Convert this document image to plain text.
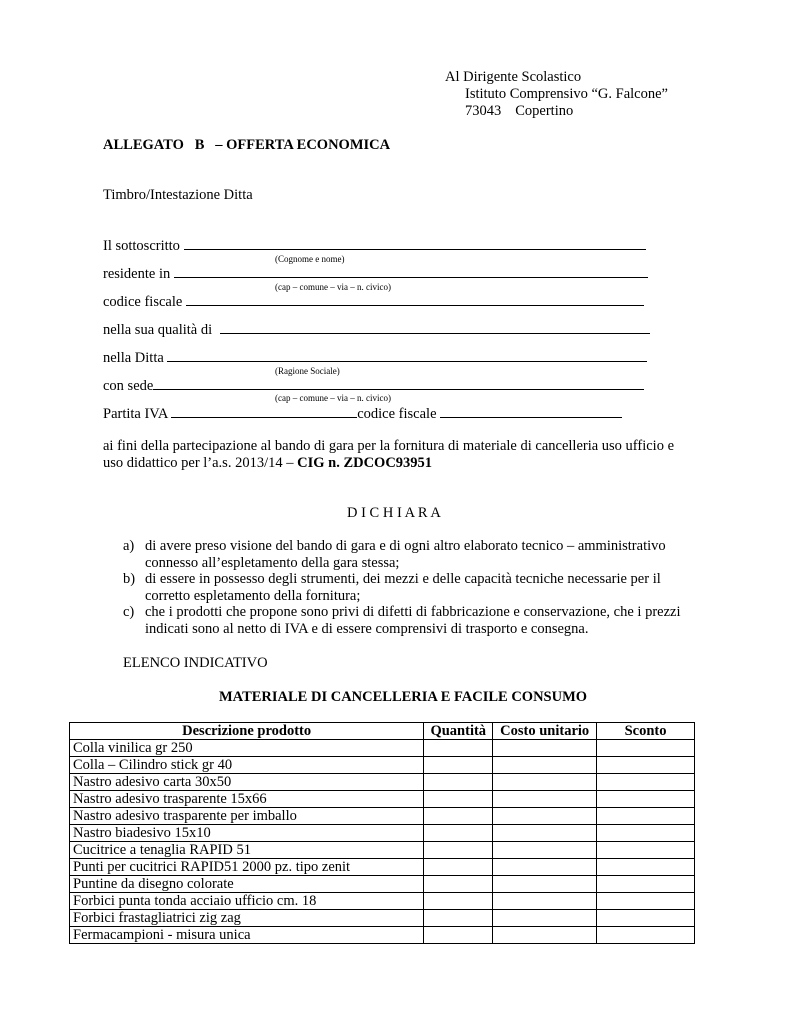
Al Dirigente Scolastico
Istituto Comprensivo “G. Falcone”
73043 Copertino
ALLEGATO   B   – OFFERTA ECONOMICA
Timbro/Intestazione Ditta
Il sottoscritto
(Cognome e nome)
residente in
(cap – comune – via – n. civico)
codice fiscale
nella sua qualità di
nella Ditta
(Ragione Sociale)
con sede
(cap – comune – via – n. civico)
Partita IVA	codice fiscale
ai fini della partecipazione al bando di gara per la fornitura di materiale di cancelleria uso ufficio e
uso didattico per l’a.s. 2013/14 – CIG n. ZDCOC93951
D I C H I A R A
a) di avere preso visione del bando di gara e di ogni altro elaborato tecnico – amministrativo
connesso all’espletamento della gara stessa;
b) di essere in possesso degli strumenti, dei mezzi e delle capacità tecniche necessarie per il
corretto espletamento della fornitura;
c) che i prodotti che propone sono privi di difetti di fabbricazione e conservazione, che i prezzi
indicati sono al netto di IVA e di essere comprensivi di trasporto e consegna.
ELENCO INDICATIVO
MATERIALE DI CANCELLERIA E FACILE CONSUMO
Descrizione prodotto	Quantità	Costo unitario	Sconto
Colla vinilica gr 250			
Colla – Cilindro stick gr 40			
Nastro adesivo carta 30x50			
Nastro adesivo trasparente 15x66			
Nastro adesivo trasparente per imballo			
Nastro biadesivo 15x10			
Cucitrice a tenaglia RAPID 51			
Punti per cucitrici RAPID51 2000 pz. tipo zenit			
Puntine da disegno colorate			
Forbici punta tonda acciaio ufficio cm. 18			
Forbici frastagliatrici zig zag			
Fermacampioni - misura unica			
